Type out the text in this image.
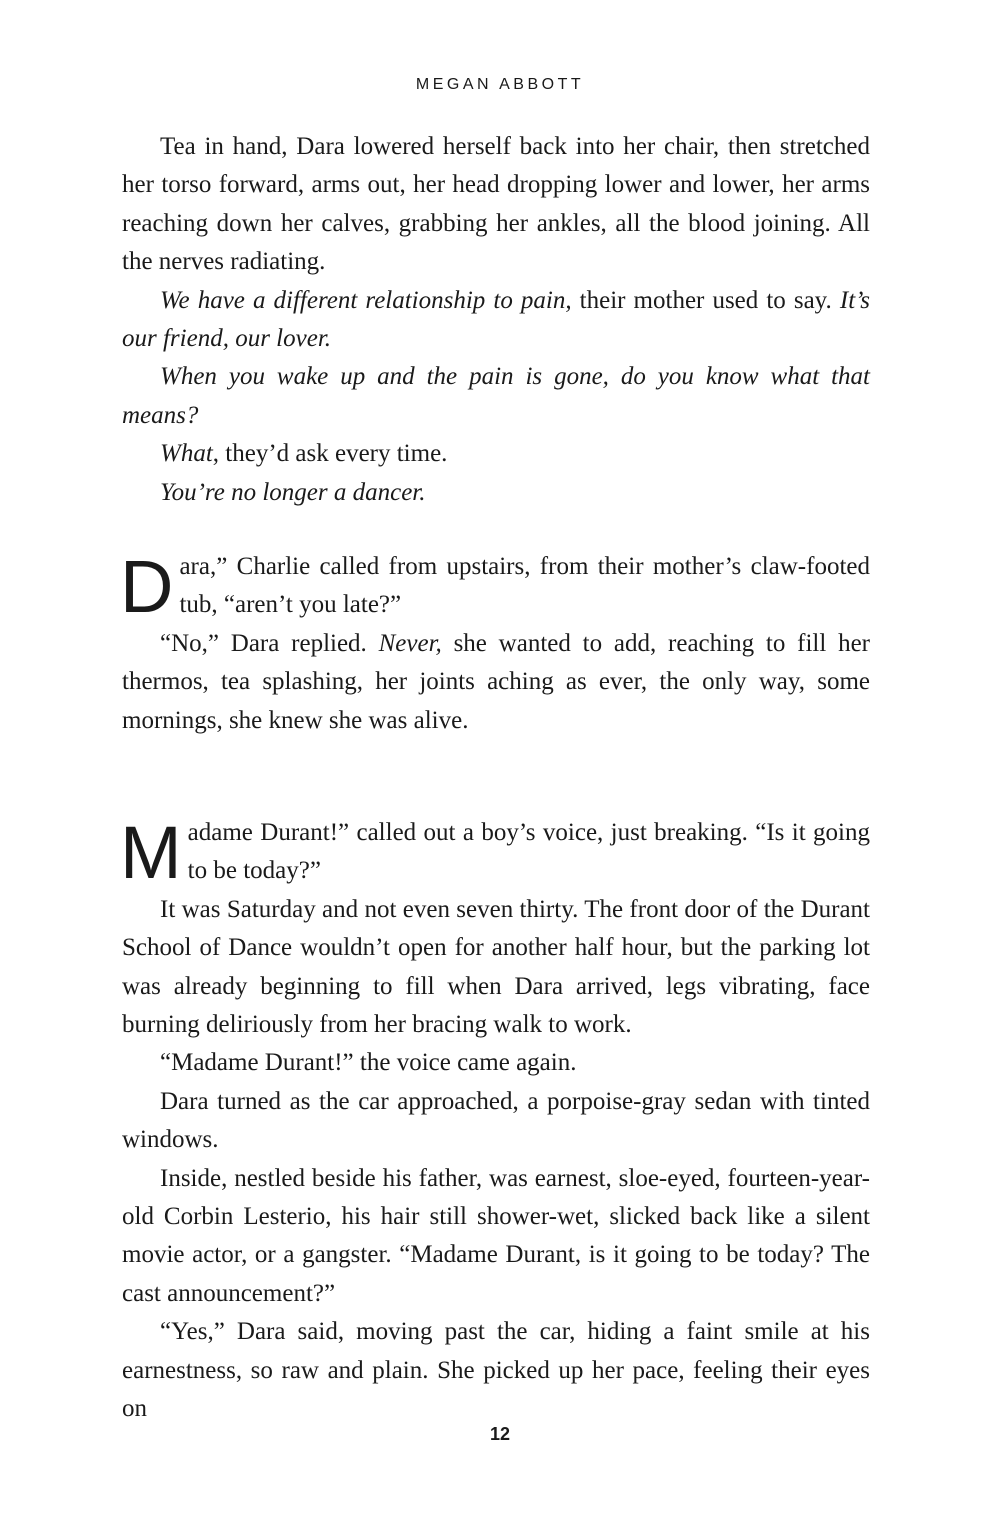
MEGAN ABBOTT

Tea in hand, Dara lowered herself back into her chair, then stretched her torso forward, arms out, her head dropping lower and lower, her arms reaching down her calves, grabbing her ankles, all the blood joining. All the nerves radiating.

We have a different relationship to pain, their mother used to say. It’s our friend, our lover.

When you wake up and the pain is gone, do you know what that means?

What, they’d ask every time.

You’re no longer a dancer.

Dara,” Charlie called from upstairs, from their mother’s claw-footed tub, “aren’t you late?”

“No,” Dara replied. Never, she wanted to add, reaching to fill her thermos, tea splashing, her joints aching as ever, the only way, some mornings, she knew she was alive.

Madame Durant!” called out a boy’s voice, just breaking. “Is it going to be today?”

It was Saturday and not even seven thirty. The front door of the Durant School of Dance wouldn’t open for another half hour, but the parking lot was already beginning to fill when Dara arrived, legs vibrating, face burning deliriously from her bracing walk to work.

“Madame Durant!” the voice came again.

Dara turned as the car approached, a porpoise-gray sedan with tinted windows.

Inside, nestled beside his father, was earnest, sloe-eyed, fourteen-year-old Corbin Lesterio, his hair still shower-wet, slicked back like a silent movie actor, or a gangster. “Madame Durant, is it going to be today? The cast announcement?”

“Yes,” Dara said, moving past the car, hiding a faint smile at his earnestness, so raw and plain. She picked up her pace, feeling their eyes on

12
